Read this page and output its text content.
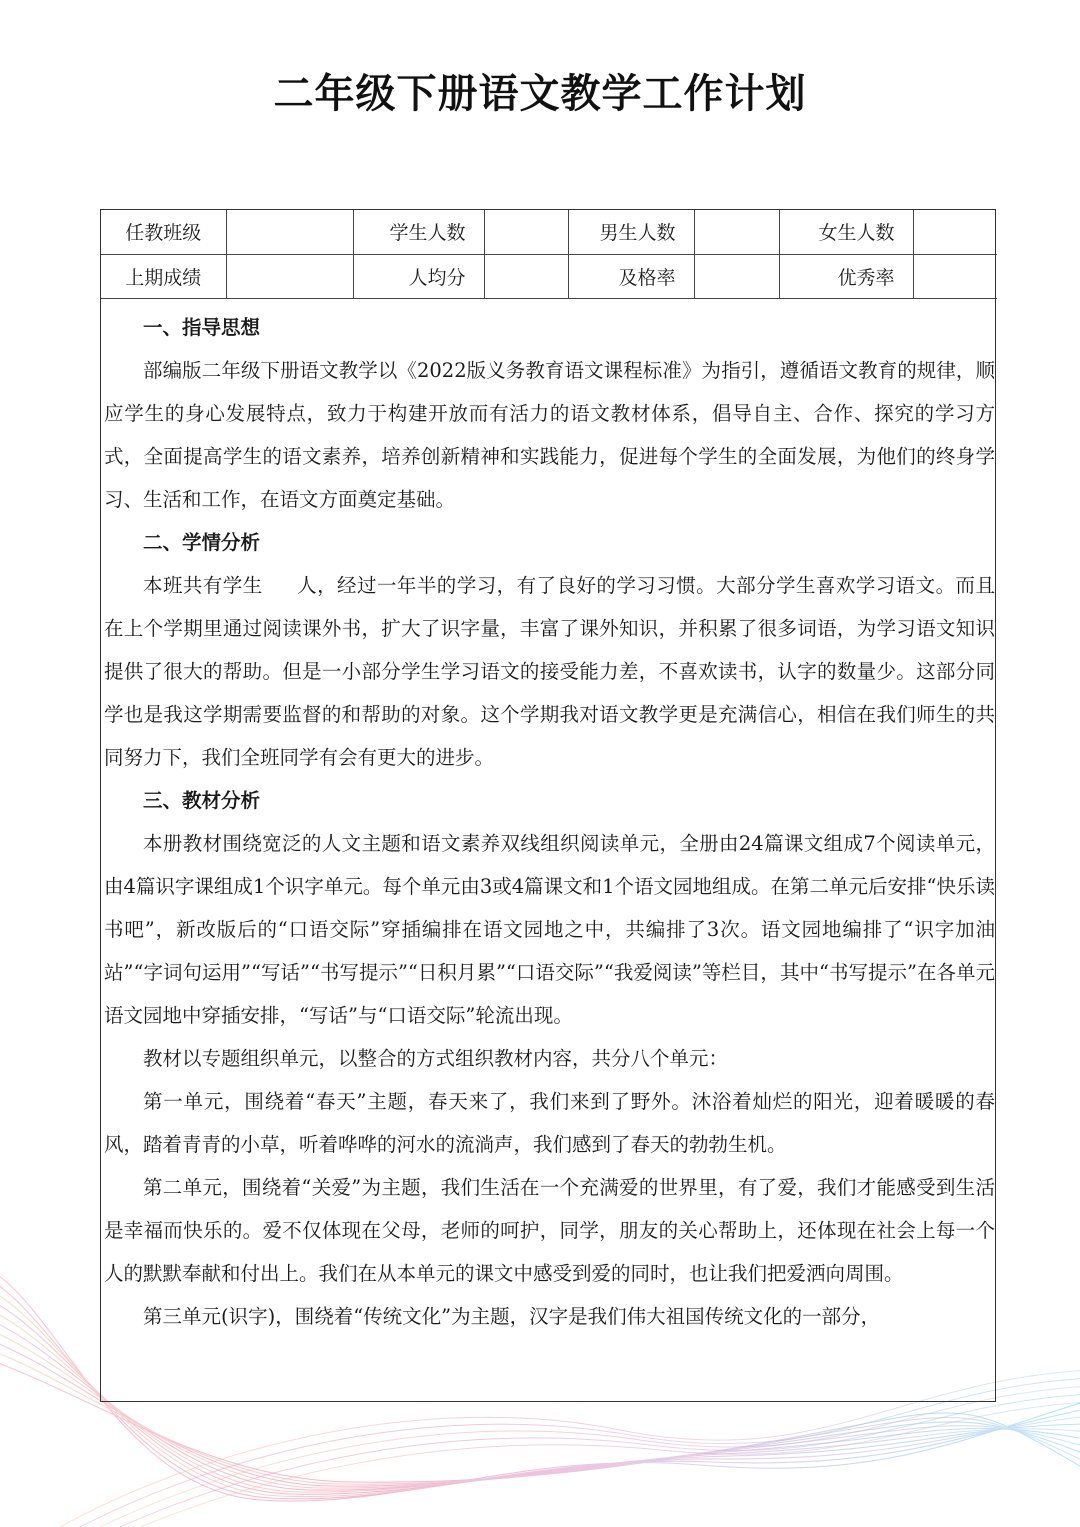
二年级下册语文教学工作计划
任教班级		学生人数		男生人数		女生人数	
上期成绩		人均分		及格率		优秀率	
一、指导思想

部编版二年级下册语文教学以《2022版义务教育语文课程标准》为指引，遵循语文教育的规律，顺应学生的身心发展特点，致力于构建开放而有活力的语文教材体系，倡导自主、合作、探究的学习方式，全面提高学生的语文素养，培养创新精神和实践能力，促进每个学生的全面发展，为他们的终身学习、生活和工作，在语文方面奠定基础。

二、学情分析

本班共有学生 人，经过一年半的学习，有了良好的学习习惯。大部分学生喜欢学习语文。而且在上个学期里通过阅读课外书，扩大了识字量，丰富了课外知识，并积累了很多词语，为学习语文知识提供了很大的帮助。但是一小部分学生学习语文的接受能力差，不喜欢读书，认字的数量少。这部分同学也是我这学期需要监督的和帮助的对象。这个学期我对语文教学更是充满信心，相信在我们师生的共同努力下，我们全班同学有会有更大的进步。

三、教材分析

本册教材围绕宽泛的人文主题和语文素养双线组织阅读单元，全册由24篇课文组成7个阅读单元，由4篇识字课组成1个识字单元。每个单元由3或4篇课文和1个语文园地组成。在第二单元后安排“快乐读书吧”，新改版后的“口语交际”穿插编排在语文园地之中，共编排了3次。语文园地编排了“识字加油站”“字词句运用”“写话”“书写提示”“日积月累”“口语交际”“我爱阅读”等栏目，其中“书写提示”在各单元语文园地中穿插安排，“写话”与“口语交际”轮流出现。

教材以专题组织单元，以整合的方式组织教材内容，共分八个单元：

第一单元，围绕着“春天”主题，春天来了，我们来到了野外。沐浴着灿烂的阳光，迎着暖暖的春风，踏着青青的小草，听着哗哗的河水的流淌声，我们感到了春天的勃勃生机。

第二单元，围绕着“关爱”为主题，我们生活在一个充满爱的世界里，有了爱，我们才能感受到生活是幸福而快乐的。爱不仅体现在父母，老师的呵护，同学，朋友的关心帮助上，还体现在社会上每一个人的默默奉献和付出上。我们在从本单元的课文中感受到爱的同时，也让我们把爱洒向周围。

第三单元(识字)，围绕着“传统文化”为主题，汉字是我们伟大祖国传统文化的一部分，
